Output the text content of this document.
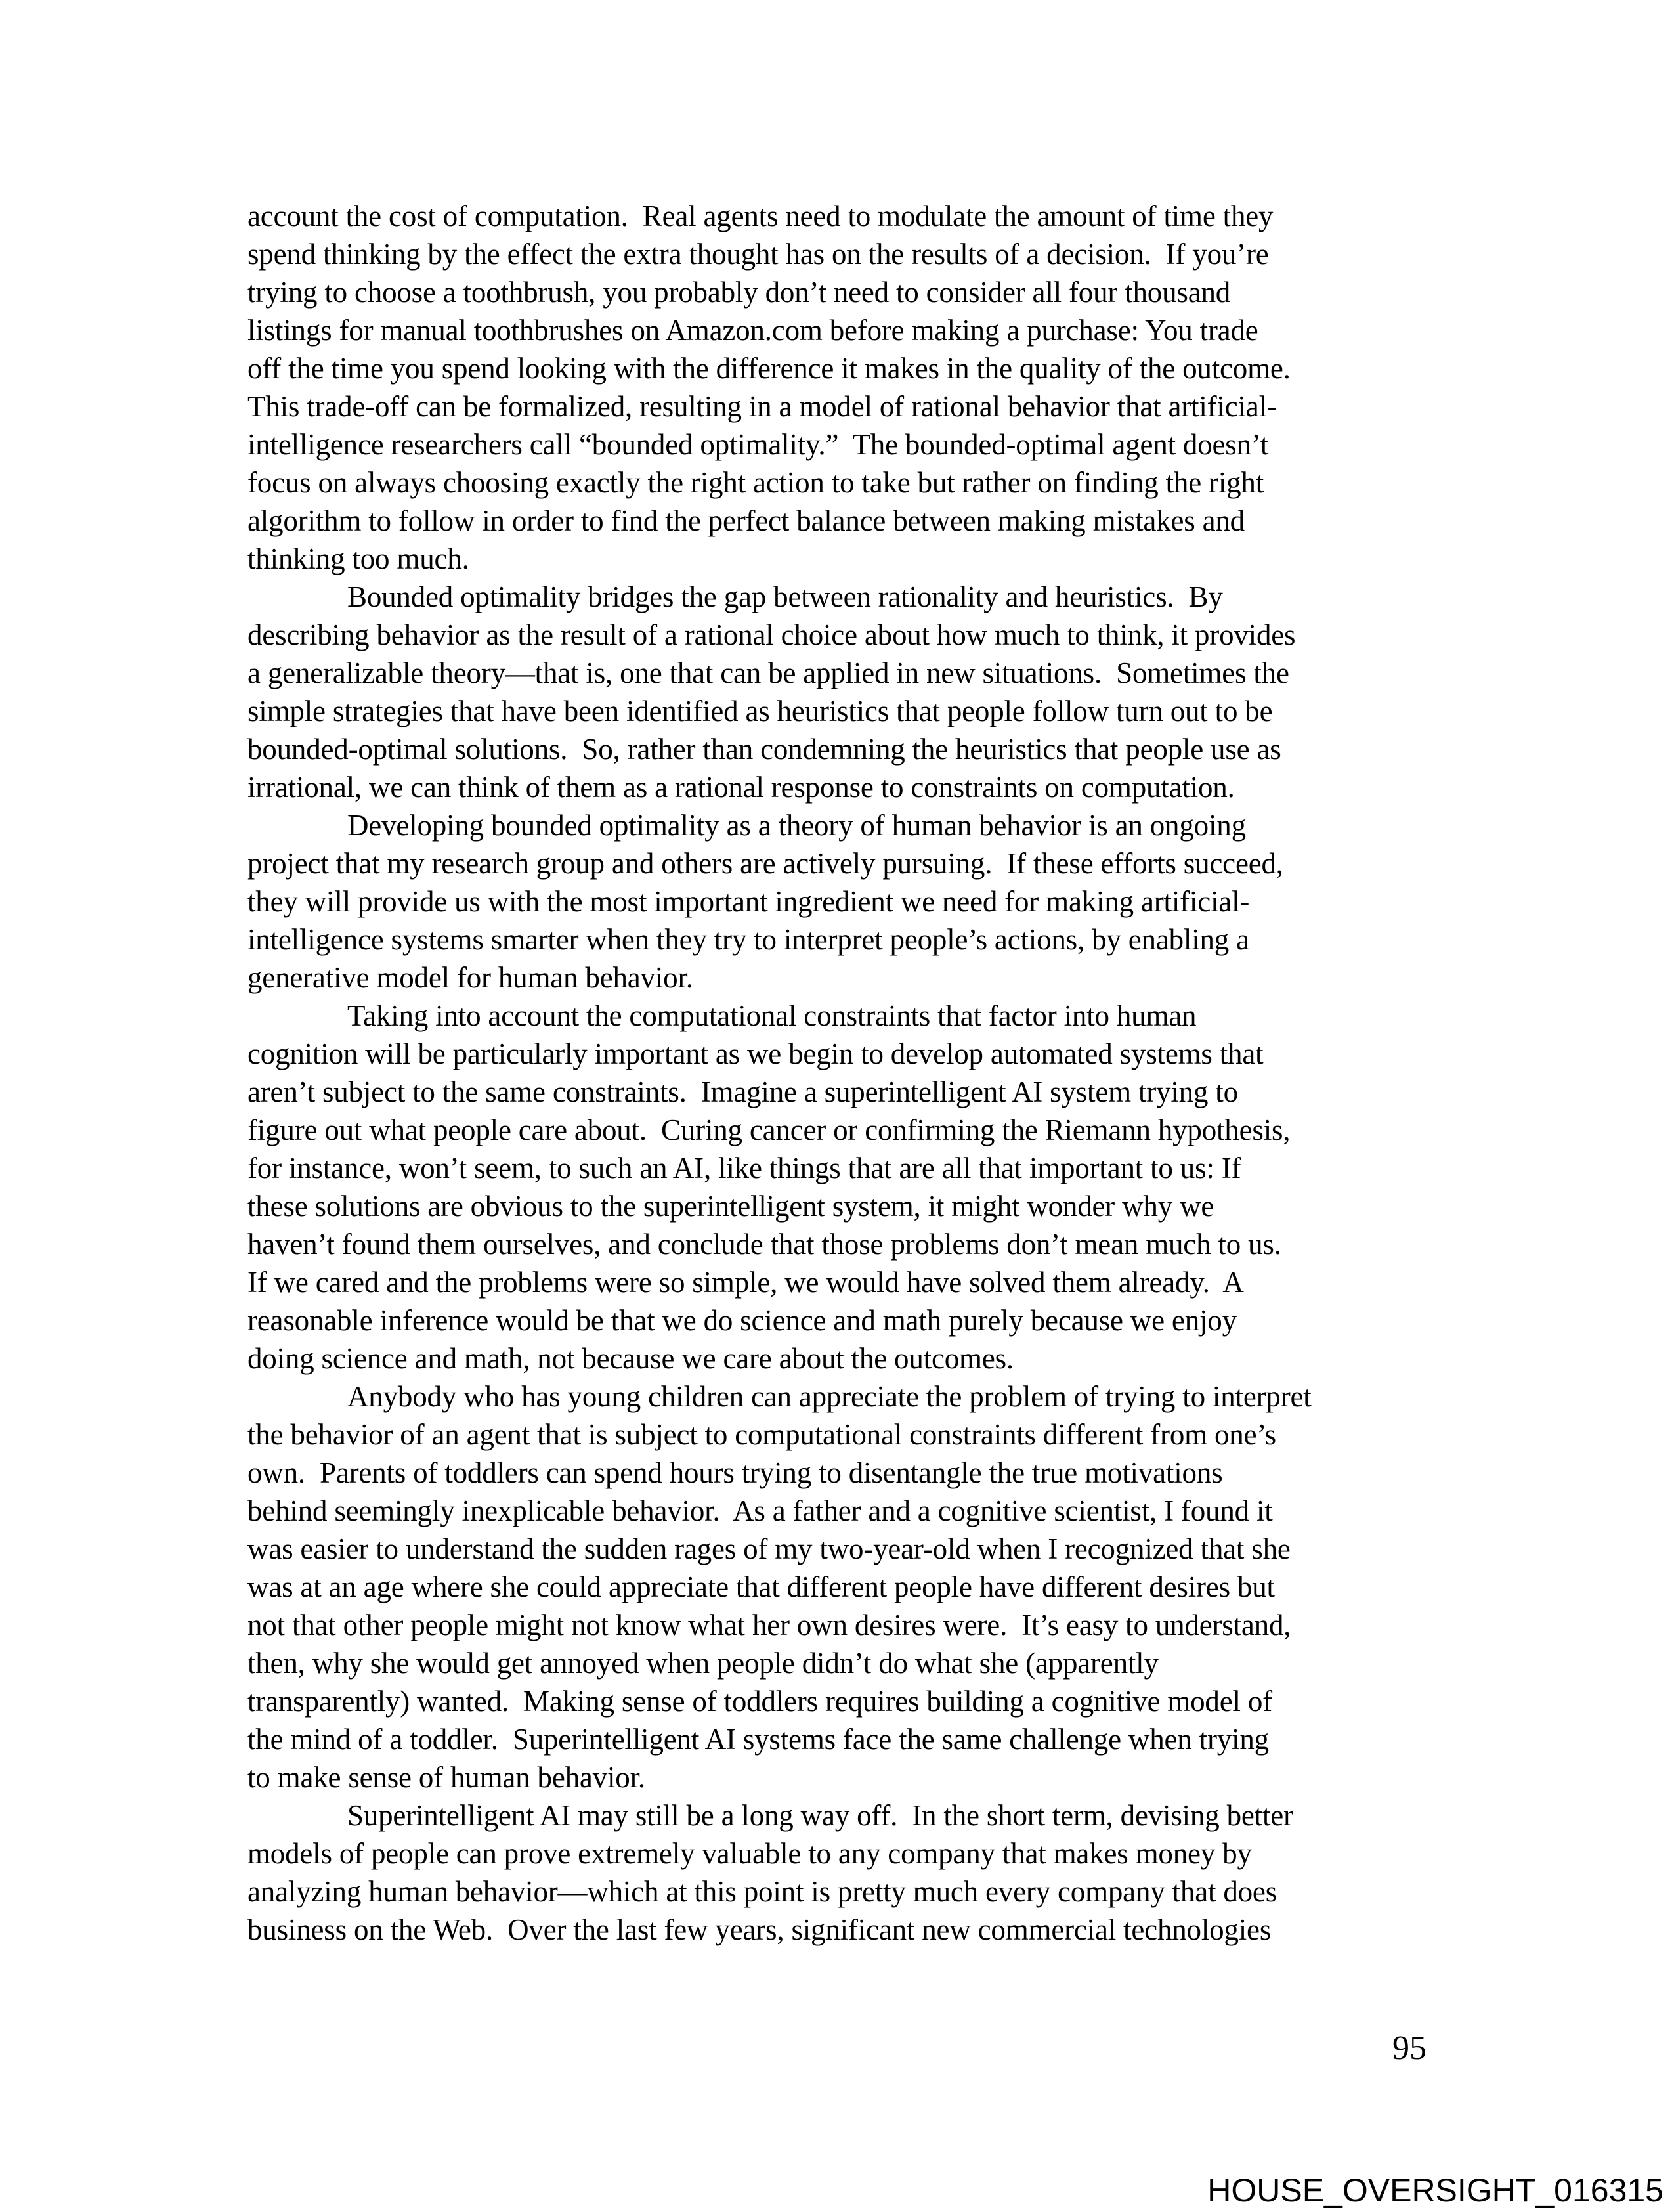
account the cost of computation.  Real agents need to modulate the amount of time they
spend thinking by the effect the extra thought has on the results of a decision.  If you’re
trying to choose a toothbrush, you probably don’t need to consider all four thousand
listings for manual toothbrushes on Amazon.com before making a purchase: You trade
off the time you spend looking with the difference it makes in the quality of the outcome.
This trade-off can be formalized, resulting in a model of rational behavior that artificial-
intelligence researchers call “bounded optimality.”  The bounded-optimal agent doesn’t
focus on always choosing exactly the right action to take but rather on finding the right
algorithm to follow in order to find the perfect balance between making mistakes and
thinking too much.
Bounded optimality bridges the gap between rationality and heuristics.  By
describing behavior as the result of a rational choice about how much to think, it provides
a generalizable theory—that is, one that can be applied in new situations.  Sometimes the
simple strategies that have been identified as heuristics that people follow turn out to be
bounded-optimal solutions.  So, rather than condemning the heuristics that people use as
irrational, we can think of them as a rational response to constraints on computation.
Developing bounded optimality as a theory of human behavior is an ongoing
project that my research group and others are actively pursuing.  If these efforts succeed,
they will provide us with the most important ingredient we need for making artificial-
intelligence systems smarter when they try to interpret people’s actions, by enabling a
generative model for human behavior.
Taking into account the computational constraints that factor into human
cognition will be particularly important as we begin to develop automated systems that
aren’t subject to the same constraints.  Imagine a superintelligent AI system trying to
figure out what people care about.  Curing cancer or confirming the Riemann hypothesis,
for instance, won’t seem, to such an AI, like things that are all that important to us: If
these solutions are obvious to the superintelligent system, it might wonder why we
haven’t found them ourselves, and conclude that those problems don’t mean much to us.
If we cared and the problems were so simple, we would have solved them already.  A
reasonable inference would be that we do science and math purely because we enjoy
doing science and math, not because we care about the outcomes.
Anybody who has young children can appreciate the problem of trying to interpret
the behavior of an agent that is subject to computational constraints different from one’s
own.  Parents of toddlers can spend hours trying to disentangle the true motivations
behind seemingly inexplicable behavior.  As a father and a cognitive scientist, I found it
was easier to understand the sudden rages of my two-year-old when I recognized that she
was at an age where she could appreciate that different people have different desires but
not that other people might not know what her own desires were.  It’s easy to understand,
then, why she would get annoyed when people didn’t do what she (apparently
transparently) wanted.  Making sense of toddlers requires building a cognitive model of
the mind of a toddler.  Superintelligent AI systems face the same challenge when trying
to make sense of human behavior.
Superintelligent AI may still be a long way off.  In the short term, devising better
models of people can prove extremely valuable to any company that makes money by
analyzing human behavior—which at this point is pretty much every company that does
business on the Web.  Over the last few years, significant new commercial technologies
95
HOUSE_OVERSIGHT_016315
